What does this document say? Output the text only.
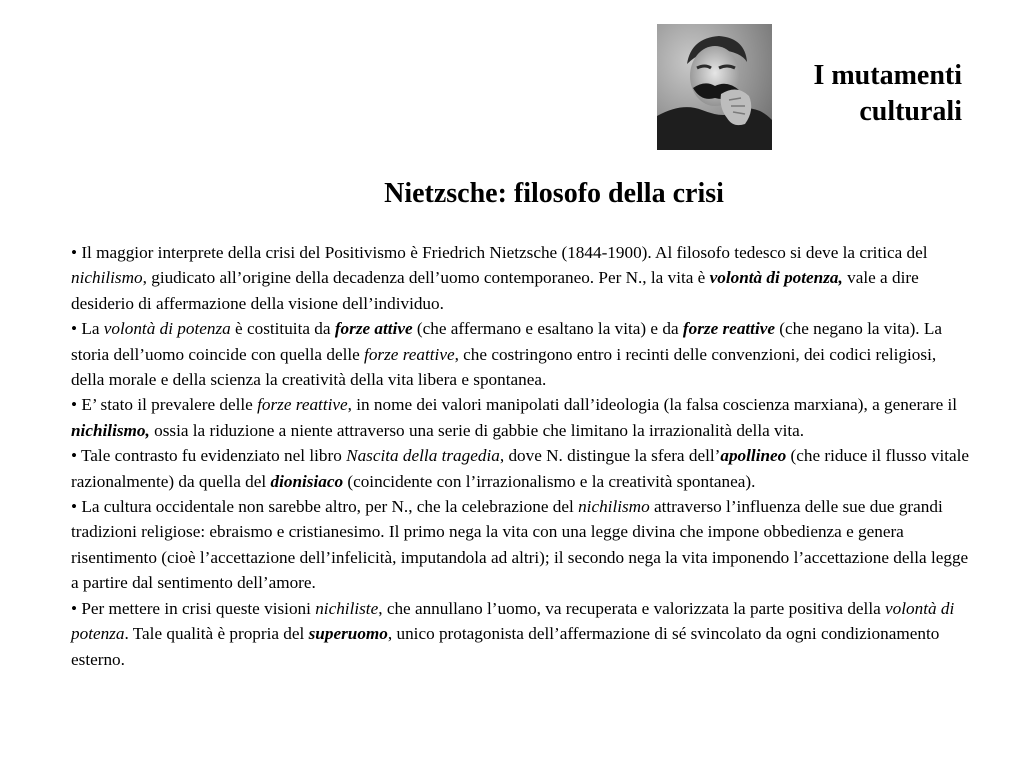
I mutamenti
culturali
Nietzsche: filosofo della crisi

• Il maggior interprete della crisi del Positivismo è Friedrich Nietzsche (1844-1900). Al filosofo tedesco si deve la critica del nichilismo, giudicato all’origine della decadenza dell’uomo contemporaneo. Per N., la vita è volontà di potenza, vale a dire desiderio di affermazione della visione dell’individuo.

• La volontà di potenza è costituita da forze attive (che affermano e esaltano la vita) e da forze reattive (che negano la vita). La storia dell’uomo coincide con quella delle forze reattive, che costringono entro i recinti delle convenzioni, dei codici religiosi, della morale e della scienza la creatività della vita libera e spontanea.

• E’ stato il prevalere delle forze reattive, in nome dei valori manipolati dall’ideologia (la falsa coscienza marxiana), a generare il nichilismo, ossia la riduzione a niente attraverso una serie di gabbie che limitano la irrazionalità della vita.

• Tale contrasto fu evidenziato nel libro Nascita della tragedia, dove N. distingue la sfera dell’apollineo (che riduce il flusso vitale razionalmente) da quella del dionisiaco (coincidente con l’irrazionalismo e la creatività spontanea).

• La cultura occidentale non sarebbe altro, per N., che la celebrazione del nichilismo attraverso l’influenza delle sue due grandi tradizioni religiose: ebraismo e cristianesimo. Il primo nega la vita con una legge divina che impone obbedienza e genera risentimento (cioè l’accettazione dell’infelicità, imputandola ad altri); il secondo nega la vita imponendo l’accettazione della legge a partire dal sentimento dell’amore.

• Per mettere in crisi queste visioni nichiliste, che annullano l’uomo, va recuperata e valorizzata la parte positiva della volontà di potenza. Tale qualità è propria del superuomo, unico protagonista dell’affermazione di sé svincolato da ogni condizionamento esterno.
